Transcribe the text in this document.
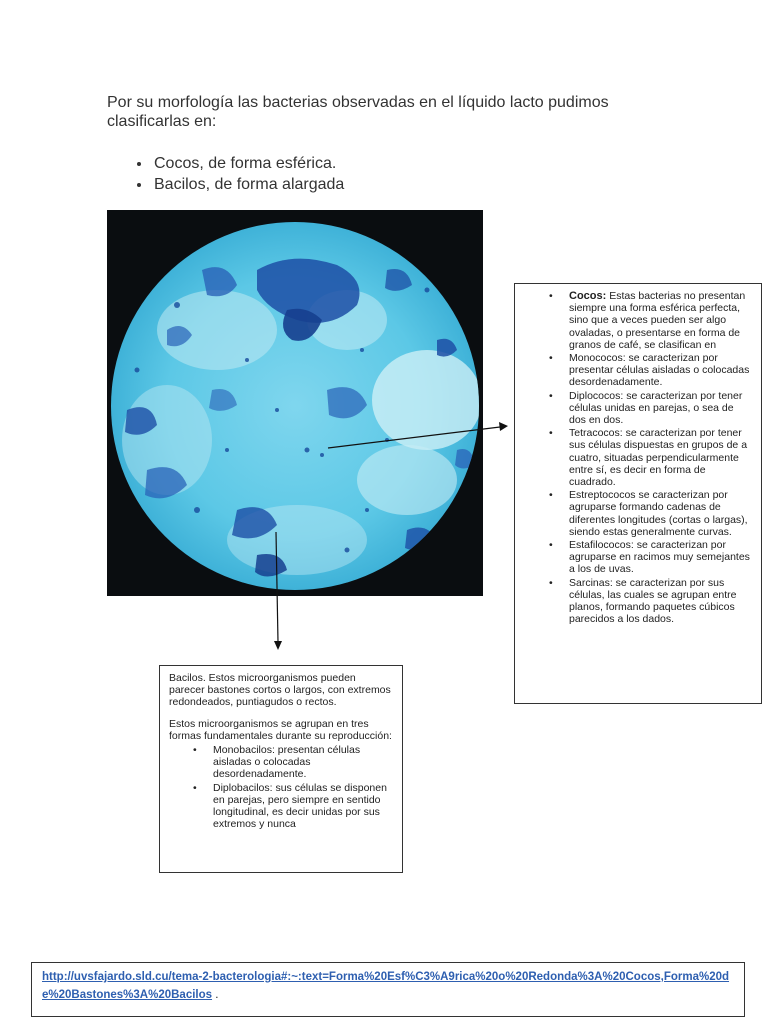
Por su morfología las bacterias observadas en el líquido lacto pudimos clasificarlas en:

• Cocos, de forma esférica.
• Bacilos, de forma alargada
• Cocos: Estas bacterias no presentan siempre una forma esférica perfecta, sino que a veces pueden ser algo ovaladas, o presentarse en forma de granos de café, se clasifican en
• Monococos: se caracterizan por presentar células aisladas o colocadas desordenadamente.
• Diplococos: se caracterizan por tener células unidas en parejas, o sea de dos en dos.
• Tetracocos: se caracterizan por tener sus células dispuestas en grupos de a cuatro, situadas perpendicularmente entre sí, es decir en forma de cuadrado.
• Estreptococos se caracterizan por agruparse formando cadenas de diferentes longitudes (cortas o largas), siendo estas generalmente curvas.
• Estafilococos: se caracterizan por agruparse en racimos muy semejantes a los de uvas.
• Sarcinas: se caracterizan por sus células, las cuales se agrupan entre planos, formando paquetes cúbicos parecidos a los dados.

Bacilos. Estos microorganismos pueden parecer bastones cortos o largos, con extremos redondeados, puntiagudos o rectos.

Estos microorganismos se agrupan en tres formas fundamentales durante su reproducción:

• Monobacilos: presentan células aisladas o colocadas desordenadamente.
• Diplobacilos: sus células se disponen en parejas, pero siempre en sentido longitudinal, es decir unidas por sus extremos y nunca
http://uvsfajardo.sld.cu/tema-2-bacterologia#:~:text=Forma%20Esf%C3%A9rica%20o%20Redonda%3A%20Cocos,Forma%20de%20Bastones%3A%20Bacilos .
